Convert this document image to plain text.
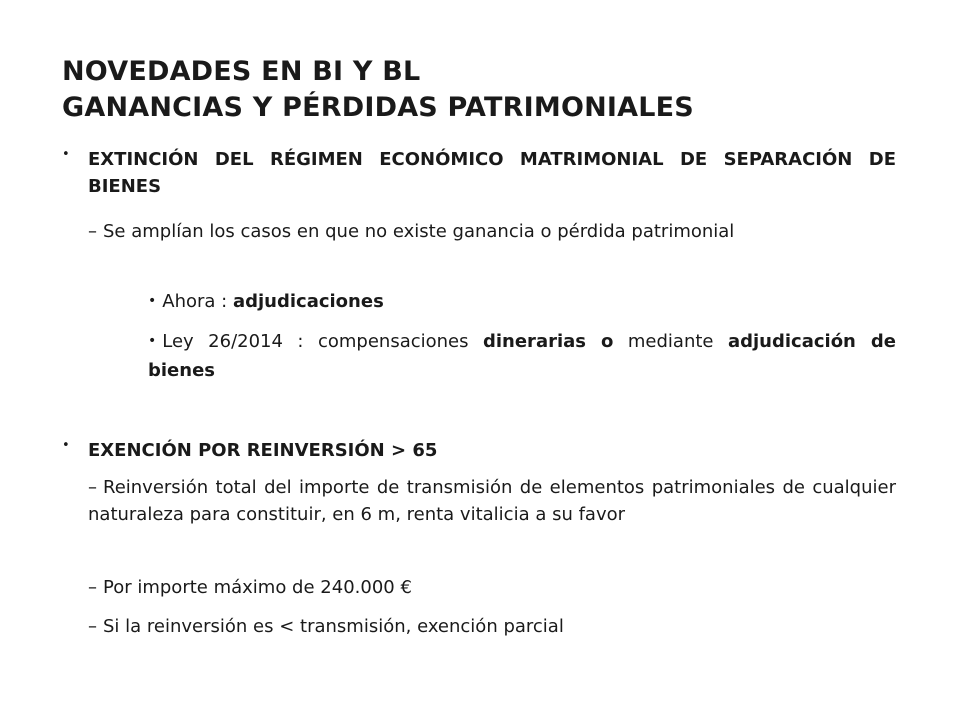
NOVEDADES EN BI Y BL
GANANCIAS Y PÉRDIDAS PATRIMONIALES
• EXTINCIÓN DEL RÉGIMEN ECONÓMICO MATRIMONIAL DE SEPARACIÓN DE BIENES
– Se amplían los casos en que no existe ganancia o pérdida patrimonial
• Ahora : adjudicaciones
• Ley 26/2014 : compensaciones dinerarias o mediante adjudicación de bienes
• EXENCIÓN POR REINVERSIÓN > 65
– Reinversión total del importe de transmisión de elementos patrimoniales de cualquier naturaleza para constituir, en 6 m, renta vitalicia a su favor
– Por importe máximo de 240.000 €
– Si la reinversión es < transmisión, exención parcial
